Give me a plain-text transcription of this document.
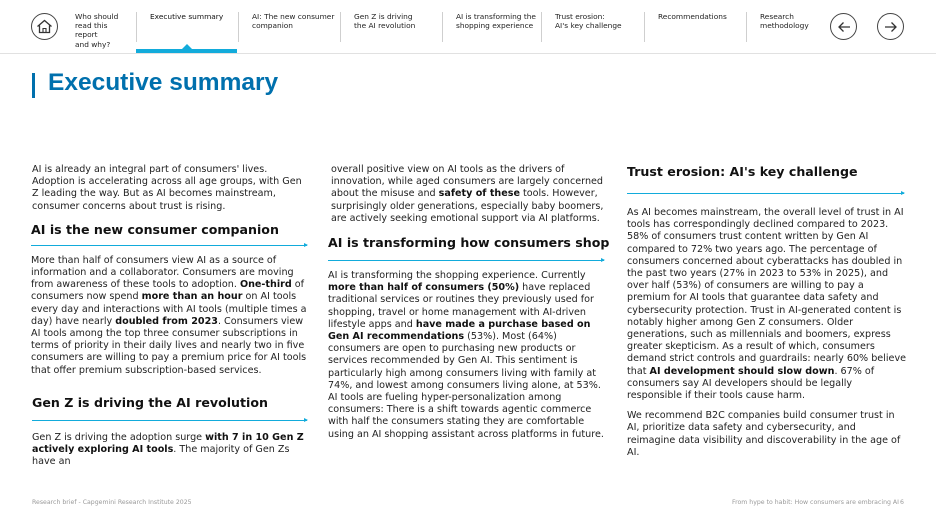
Who should
read this report
and why?
Executive summary	AI: The new consumer
companion
Gen Z is driving
the AI revolution
AI is transforming the
shopping experience
Trust erosion:
AI's key challenge
Recommendations	Research
methodology
Executive summary

AI is already an integral part of consumers' lives. Adoption is accelerating across all age groups, with Gen Z leading the way. But as AI becomes mainstream, consumer concerns about trust is rising.

AI is the new consumer companion

More than half of consumers view AI as a source of information and a collaborator. Consumers are moving from awareness of these tools to adoption. One-third of consumers now spend more than an hour on AI tools every day and interactions with AI tools (multiple times a day) have nearly doubled from 2023. Consumers view AI tools among the top three consumer subscriptions in terms of priority in their daily lives and nearly two in five consumers are willing to pay a premium price for AI tools that offer premium subscription-based services.

Gen Z is driving the AI revolution

Gen Z is driving the adoption surge with 7 in 10 Gen Z actively exploring AI tools. The majority of Gen Zs have an

overall positive view on AI tools as the drivers of innovation, while aged consumers are largely concerned about the misuse and safety of these tools. However, surprisingly older generations, especially baby boomers, are actively seeking emotional support via AI platforms.

AI is transforming how consumers shop

AI is transforming the shopping experience. Currently more than half of consumers (50%) have replaced traditional services or routines they previously used for shopping, travel or home management with AI-driven lifestyle apps and have made a purchase based on Gen AI recommendations (53%). Most (64%) consumers are open to purchasing new products or services recommended by Gen AI. This sentiment is particularly high among consumers living with family at 74%, and lowest among consumers living alone, at 53%. AI tools are fueling hyper-personalization among consumers: There is a shift towards agentic commerce with half the consumers stating they are comfortable using an AI shopping assistant across platforms in future.

Trust erosion: AI's key challenge

As AI becomes mainstream, the overall level of trust in AI tools has correspondingly declined compared to 2023. 58% of consumers trust content written by Gen AI compared to 72% two years ago. The percentage of consumers concerned about cyberattacks has doubled in the past two years (27% in 2023 to 53% in 2025), and over half (53%) of consumers are willing to pay a premium for AI tools that guarantee data safety and cybersecurity protection. Trust in AI-generated content is notably higher among Gen Z consumers. Older generations, such as millennials and boomers, express greater skepticism. As a result of which, consumers demand strict controls and guardrails: nearly 60% believe that AI development should slow down. 67% of consumers say AI developers should be legally responsible if their tools cause harm.

We recommend B2C companies build consumer trust in AI, prioritize data safety and cybersecurity, and reimagine data visibility and discoverability in the age of AI.

Research brief - Capgemini Research Institute 2025	From hype to habit: How consumers are embracing AI 6
